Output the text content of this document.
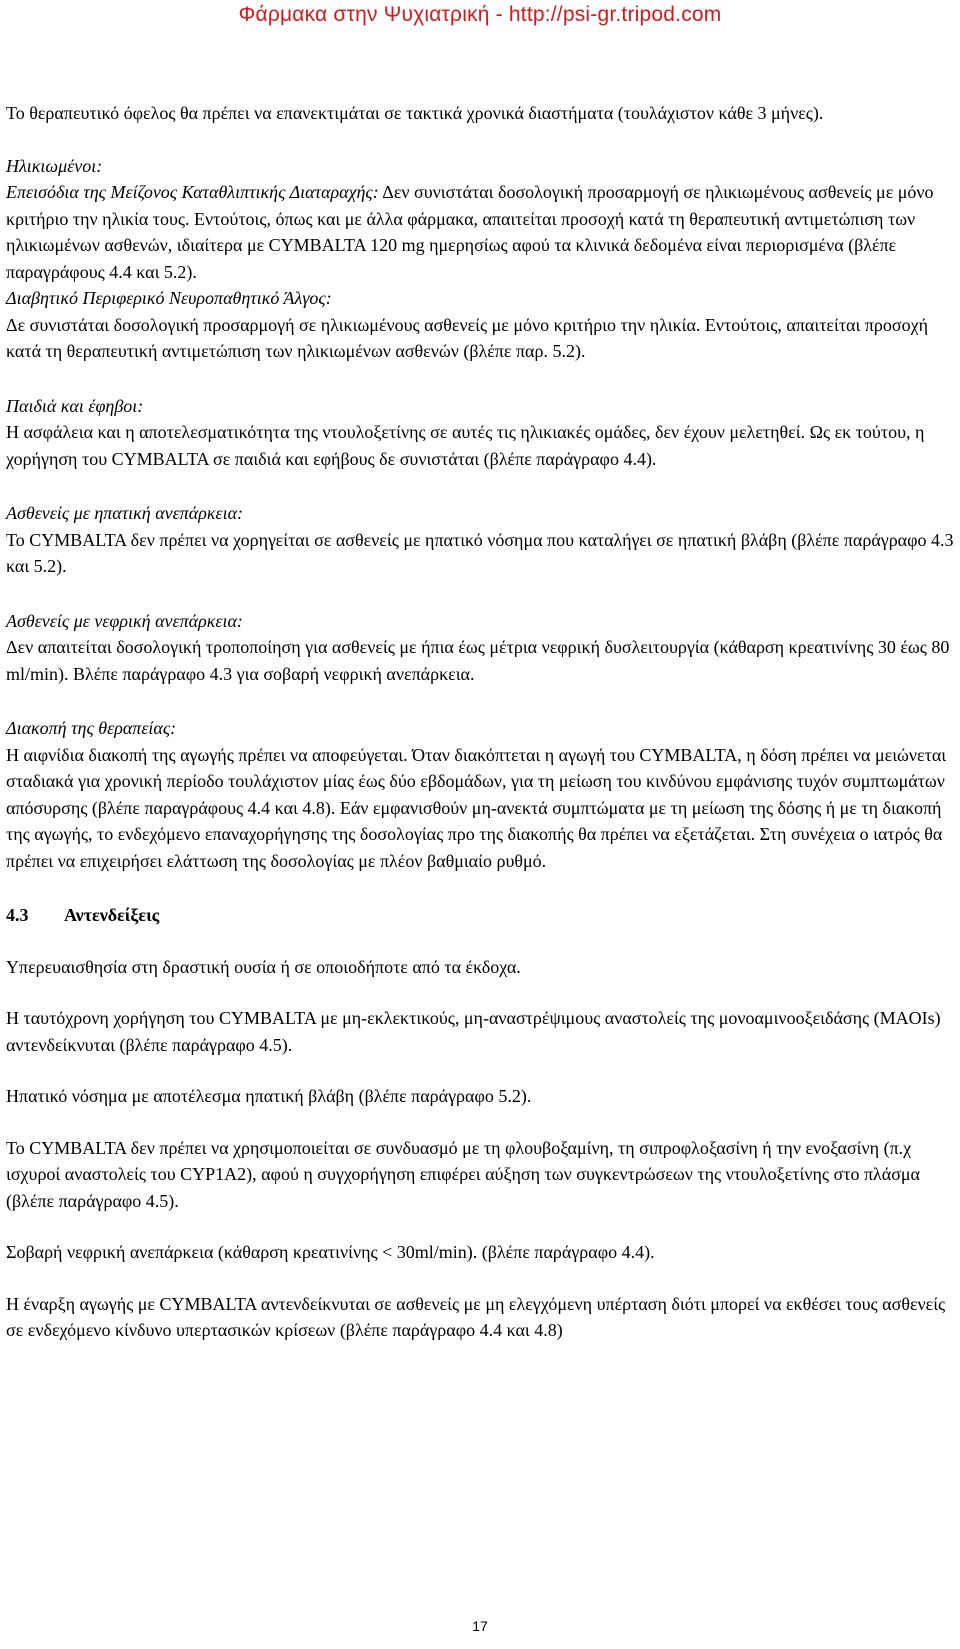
Φάρμακα στην Ψυχιατρική - http://psi-gr.tripod.com

Το θεραπευτικό όφελος θα πρέπει να επανεκτιμάται σε τακτικά χρονικά διαστήματα (τουλάχιστον κάθε 3 μήνες).

Ηλικιωμένοι:

Επεισόδια της Μείζονος Καταθλιπτικής Διαταραχής: Δεν συνιστάται δοσολογική προσαρμογή σε ηλικιωμένους ασθενείς με μόνο κριτήριο την ηλικία τους. Εντούτοις, όπως και με άλλα φάρμακα, απαιτείται προσοχή κατά τη θεραπευτική αντιμετώπιση των ηλικιωμένων ασθενών, ιδιαίτερα με CYMBALTA 120 mg ημερησίως αφού τα κλινικά δεδομένα είναι περιορισμένα (βλέπε παραγράφους 4.4 και 5.2).

Διαβητικό Περιφερικό Νευροπαθητικό Άλγος:

Δε συνιστάται δοσολογική προσαρμογή σε ηλικιωμένους ασθενείς με μόνο κριτήριο την ηλικία. Εντούτοις, απαιτείται προσοχή κατά τη θεραπευτική αντιμετώπιση των ηλικιωμένων ασθενών (βλέπε παρ. 5.2).

Παιδιά και έφηβοι:

Η ασφάλεια και η αποτελεσματικότητα της ντουλοξετίνης σε αυτές τις ηλικιακές ομάδες, δεν έχουν μελετηθεί. Ως εκ τούτου, η χορήγηση του CYMBALTA σε παιδιά και εφήβους δε συνιστάται (βλέπε παράγραφο 4.4).

Ασθενείς με ηπατική ανεπάρκεια:

Το CYMBALTA δεν πρέπει να χορηγείται σε ασθενείς με ηπατικό νόσημα που καταλήγει σε ηπατική βλάβη (βλέπε παράγραφο 4.3 και 5.2).

Ασθενείς με νεφρική ανεπάρκεια:

Δεν απαιτείται δοσολογική τροποποίηση για ασθενείς με ήπια έως μέτρια νεφρική δυσλειτουργία (κάθαρση κρεατινίνης 30 έως 80 ml/min). Βλέπε παράγραφο 4.3 για σοβαρή νεφρική ανεπάρκεια.

Διακοπή της θεραπείας:

Η αιφνίδια διακοπή της αγωγής πρέπει να αποφεύγεται. Όταν διακόπτεται η αγωγή του CYMBALTA, η δόση πρέπει να μειώνεται σταδιακά για χρονική περίοδο τουλάχιστον μίας έως δύο εβδομάδων, για τη μείωση του κινδύνου εμφάνισης τυχόν συμπτωμάτων απόσυρσης (βλέπε παραγράφους 4.4 και 4.8). Εάν εμφανισθούν μη-ανεκτά συμπτώματα με τη μείωση της δόσης ή με τη διακοπή της αγωγής, το ενδεχόμενο επαναχορήγησης της δοσολογίας προ της διακοπής θα πρέπει να εξετάζεται. Στη συνέχεια ο ιατρός θα πρέπει να επιχειρήσει ελάττωση της δοσολογίας με πλέον βαθμιαίο ρυθμό.

4.3 Αντενδείξεις

Υπερευαισθησία στη δραστική ουσία ή σε οποιοδήποτε από τα έκδοχα.

Η ταυτόχρονη χορήγηση του CYMBALTA με μη-εκλεκτικούς, μη-αναστρέψιμους αναστολείς της μονοαμινοοξειδάσης (MAOIs) αντενδείκνυται (βλέπε παράγραφο 4.5).

Ηπατικό νόσημα με αποτέλεσμα ηπατική βλάβη (βλέπε παράγραφο 5.2).

Το CYMBALTA δεν πρέπει να χρησιμοποιείται σε συνδυασμό με τη φλουβοξαμίνη, τη σιπροφλοξασίνη ή την ενοξασίνη (π.χ ισχυροί αναστολείς του CYP1A2), αφού η συγχορήγηση επιφέρει αύξηση των συγκεντρώσεων της ντουλοξετίνης στο πλάσμα (βλέπε παράγραφο 4.5).

Σοβαρή νεφρική ανεπάρκεια (κάθαρση κρεατινίνης < 30ml/min). (βλέπε παράγραφο 4.4).

Η έναρξη αγωγής με CYMBALTA αντενδείκνυται σε ασθενείς με μη ελεγχόμενη υπέρταση διότι μπορεί να εκθέσει τους ασθενείς σε ενδεχόμενο κίνδυνο υπερτασικών κρίσεων (βλέπε παράγραφο 4.4 και 4.8)

17
